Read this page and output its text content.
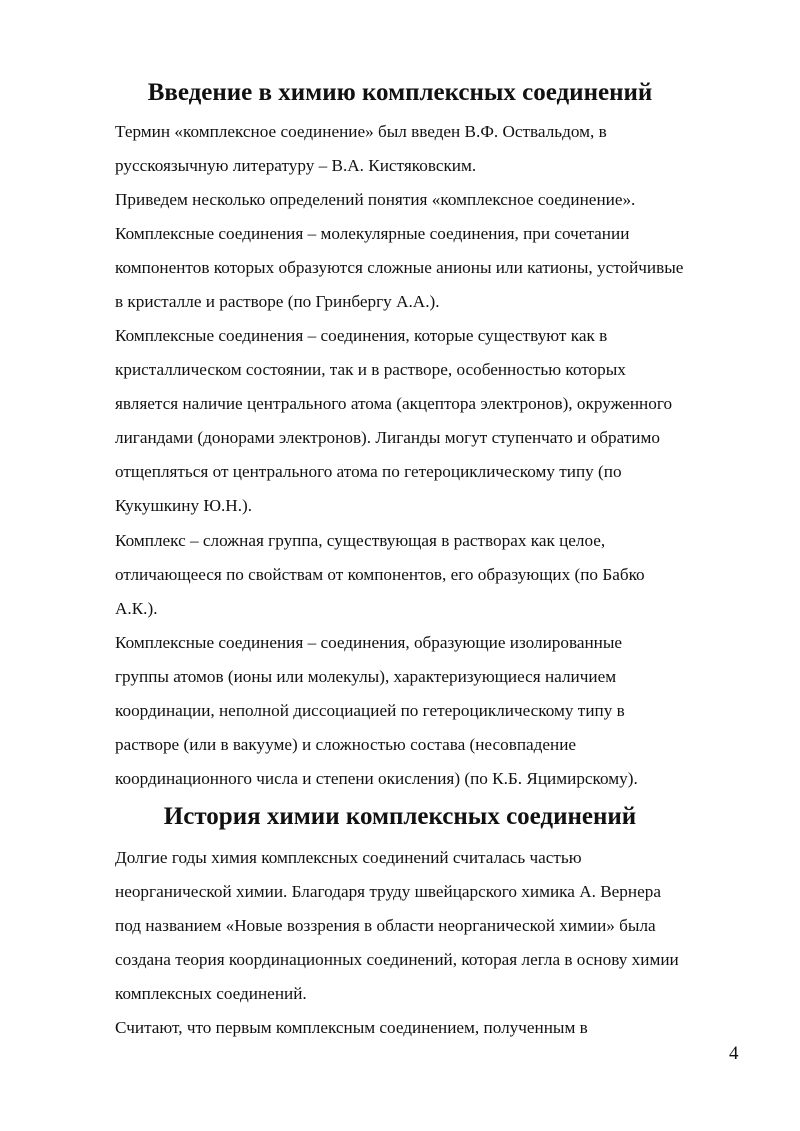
Введение в химию комплексных соединений
Термин «комплексное соединение» был введен В.Ф. Оствальдом, в
русскоязычную литературу – В.А. Кистяковским.
Приведем несколько определений понятия «комплексное соединение».
Комплексные соединения – молекулярные соединения, при сочетании
компонентов которых образуются сложные анионы или катионы, устойчивые
в кристалле и растворе (по Гринбергу А.А.).
Комплексные соединения – соединения, которые существуют как в
кристаллическом состоянии, так и в растворе, особенностью которых
является наличие центрального атома (акцептора электронов), окруженного
лигандами (донорами электронов). Лиганды могут ступенчато и обратимо
отщепляться от центрального атома по гетероциклическому типу (по
Кукушкину Ю.Н.).
Комплекс – сложная группа, существующая в растворах как целое,
отличающееся по свойствам от компонентов, его образующих (по Бабко
А.К.).
Комплексные соединения – соединения, образующие изолированные
группы атомов (ионы или молекулы), характеризующиеся наличием
координации, неполной диссоциацией по гетероциклическому типу в
растворе (или в вакууме) и сложностью состава (несовпадение
координационного числа и степени окисления) (по К.Б. Яцимирскому).
История химии комплексных соединений
Долгие годы химия комплексных соединений считалась частью
неорганической химии. Благодаря труду швейцарского химика А. Вернера
под названием «Новые воззрения в области неорганической химии» была
создана теория координационных соединений, которая легла в основу химии
комплексных соединений.
Считают, что первым комплексным соединением, полученным в
4
